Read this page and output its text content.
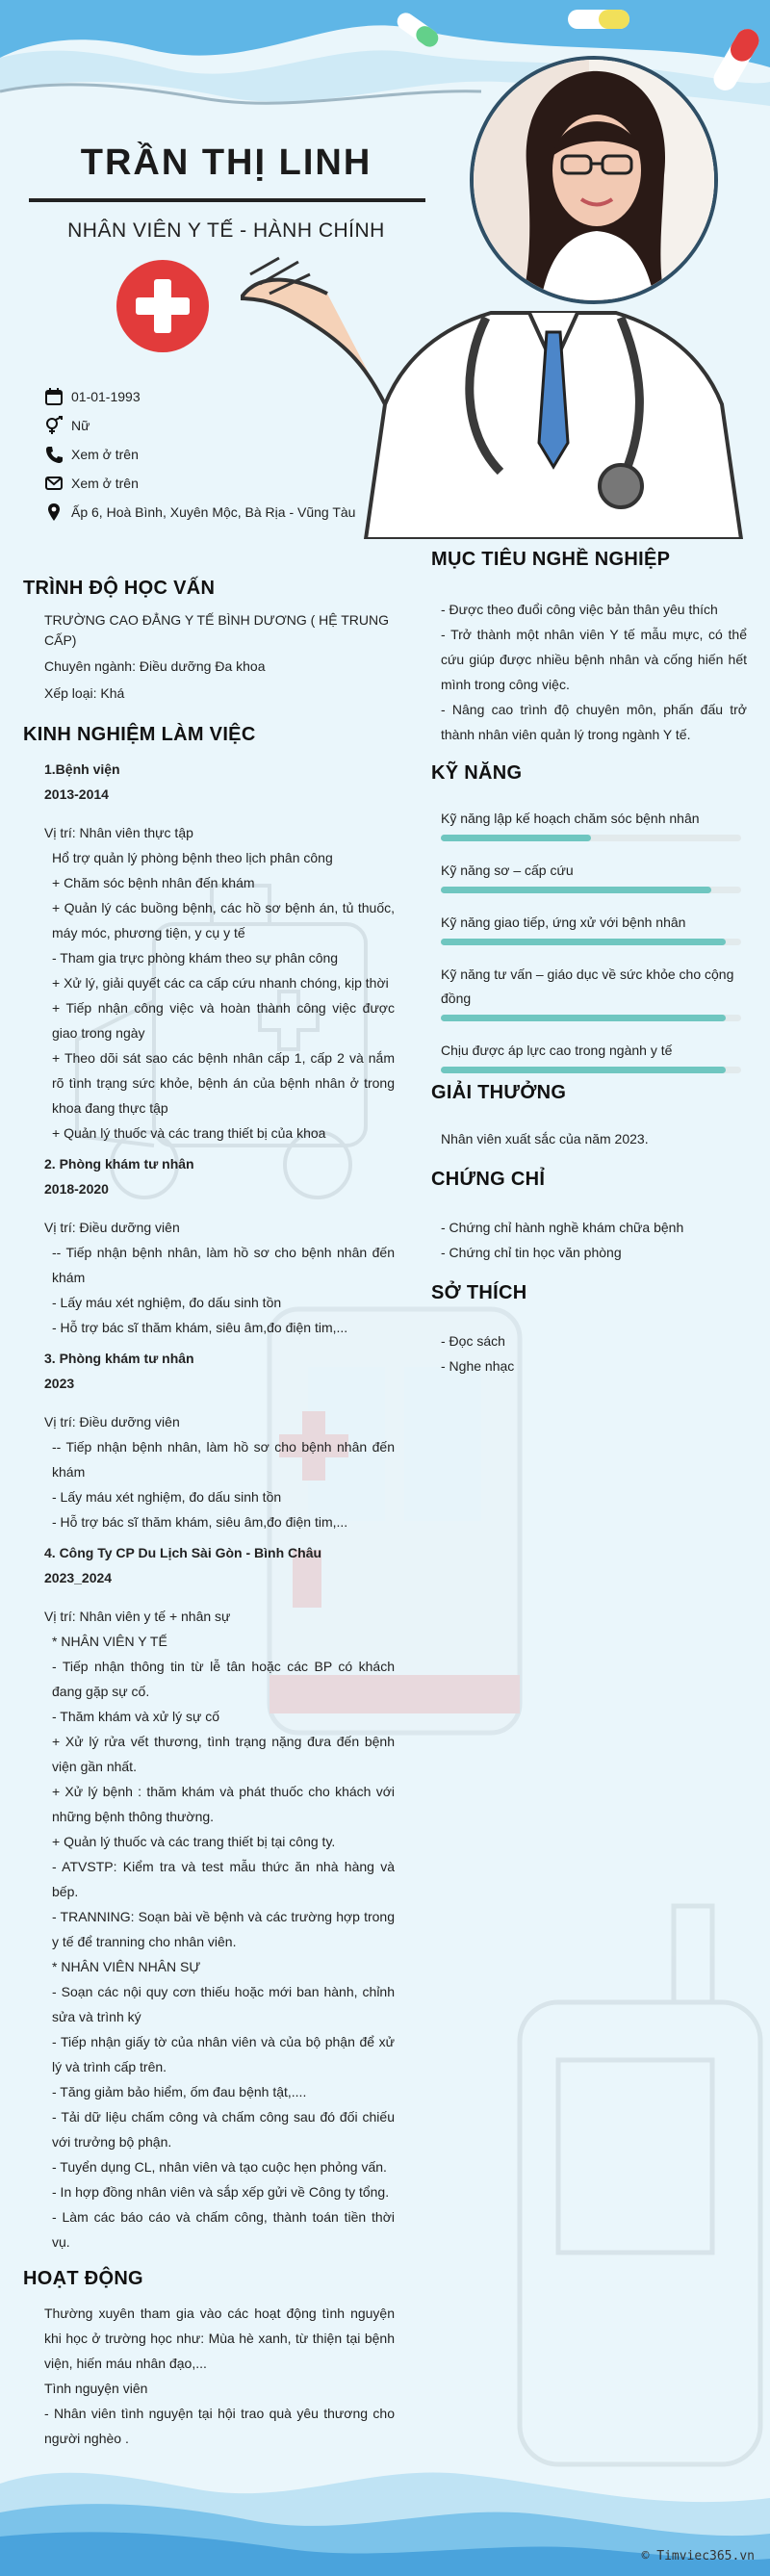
TRẦN THỊ LINH
NHÂN VIÊN Y TẾ - HÀNH CHÍNH
01-01-1993
Nữ
Xem ở trên
Xem ở trên
Ấp 6, Hoà Bình, Xuyên Mộc, Bà Rịa - Vũng Tàu
TRÌNH ĐỘ HỌC VẤN

TRƯỜNG CAO ĐẲNG Y TẾ BÌNH DƯƠNG ( HỆ TRUNG CẤP)

Chuyên ngành: Điều dưỡng Đa khoa

Xếp loại: Khá

KINH NGHIỆM LÀM VIỆC

1.Bệnh viện

2013-2014

Vị trí: Nhân viên thực tập

Hổ trợ quản lý phòng bệnh theo lịch phân công

+ Chăm sóc bệnh nhân đến khám

+ Quản lý các buồng bệnh, các hồ sơ bệnh án, tủ thuốc, máy móc, phương tiện, y cụ y tế

- Tham gia trực phòng khám theo sự phân công

+ Xử lý, giải quyết các ca cấp cứu nhanh chóng, kịp thời

+ Tiếp nhận công việc và hoàn thành công việc được giao trong ngày

+ Theo dõi sát sao các bệnh nhân cấp 1, cấp 2 và nắm rõ tình trạng sức khỏe, bệnh án của bệnh nhân ở trong khoa đang thực tập

+ Quản lý thuốc và các trang thiết bị của khoa

2. Phòng khám tư nhân

2018-2020

Vị trí: Điều dưỡng viên

-- Tiếp nhận bệnh nhân, làm hồ sơ cho bệnh nhân đến khám

- Lấy máu xét nghiệm, đo dấu sinh tồn

- Hỗ trợ bác sĩ thăm khám, siêu âm,đo điện tim,...

3. Phòng khám tư nhân

2023

Vị trí: Điều dưỡng viên

-- Tiếp nhận bệnh nhân, làm hồ sơ cho bệnh nhân đến khám

- Lấy máu xét nghiệm, đo dấu sinh tồn

- Hỗ trợ bác sĩ thăm khám, siêu âm,đo điện tim,...

4. Công Ty CP Du Lịch Sài Gòn - Bình Châu

2023_2024

Vị trí: Nhân viên y tế + nhân sự

* NHÂN VIÊN Y TẾ

- Tiếp nhận thông tin từ lễ tân hoặc các BP có khách đang gặp sự cố.

- Thăm khám và xử lý sự cố

+ Xử lý rửa vết thương, tình trạng nặng đưa đến bệnh viện gần nhất.

+ Xử lý bệnh : thăm khám và phát thuốc cho khách với những bệnh thông thường.

+ Quản lý thuốc và các trang thiết bị tại công ty.

- ATVSTP: Kiểm tra và test mẫu thức ăn nhà hàng và bếp.

- TRANNING: Soạn bài về bệnh và các trường hợp trong y tế để tranning cho nhân viên.

* NHÂN VIÊN NHÂN SỰ

- Soạn các nội quy cơn thiếu hoặc mới ban hành, chỉnh sửa và trình ký

- Tiếp nhận giấy tờ của nhân viên và của bộ phận để xử lý và trình cấp trên.

- Tăng giảm bảo hiểm, ốm đau bệnh tật,....

- Tải dữ liệu chấm công và chấm công sau đó đối chiếu với trưởng bộ phận.

- Tuyển dụng CL, nhân viên và tạo cuộc hẹn phỏng vấn.

- In hợp đồng nhân viên và sắp xếp gửi về Công ty tổng.

- Làm các báo cáo và chấm công, thành toán tiền thời vụ.

HOẠT ĐỘNG

Thường xuyên tham gia vào các hoạt động tình nguyện khi học ở trường học như: Mùa hè xanh, từ thiện tại bệnh viện, hiến máu nhân đạo,...

Tình nguyện viên

- Nhân viên tình nguyện tại hội trao quà yêu thương cho người nghèo .

MỤC TIÊU NGHỀ NGHIỆP

- Được theo đuổi công việc bản thân yêu thích

- Trở thành một nhân viên Y tế mẫu mực, có thể cứu giúp được nhiều bệnh nhân và cống hiến hết mình trong công việc.

- Nâng cao trình độ chuyên môn, phấn đấu trở thành nhân viên quản lý trong ngành Y tế.

KỸ NĂNG
Kỹ năng lập kế hoạch chăm sóc bệnh nhân
Kỹ năng sơ – cấp cứu
Kỹ năng giao tiếp, ứng xử với bệnh nhân
Kỹ năng tư vấn – giáo dục về sức khỏe cho cộng đồng
Chịu được áp lực cao trong ngành y tế
GIẢI THƯỞNG

Nhân viên xuất sắc của năm 2023.

CHỨNG CHỈ

- Chứng chỉ hành nghề khám chữa bệnh

- Chứng chỉ tin học văn phòng

SỞ THÍCH

- Đọc sách

- Nghe nhạc

© Timviec365.vn
